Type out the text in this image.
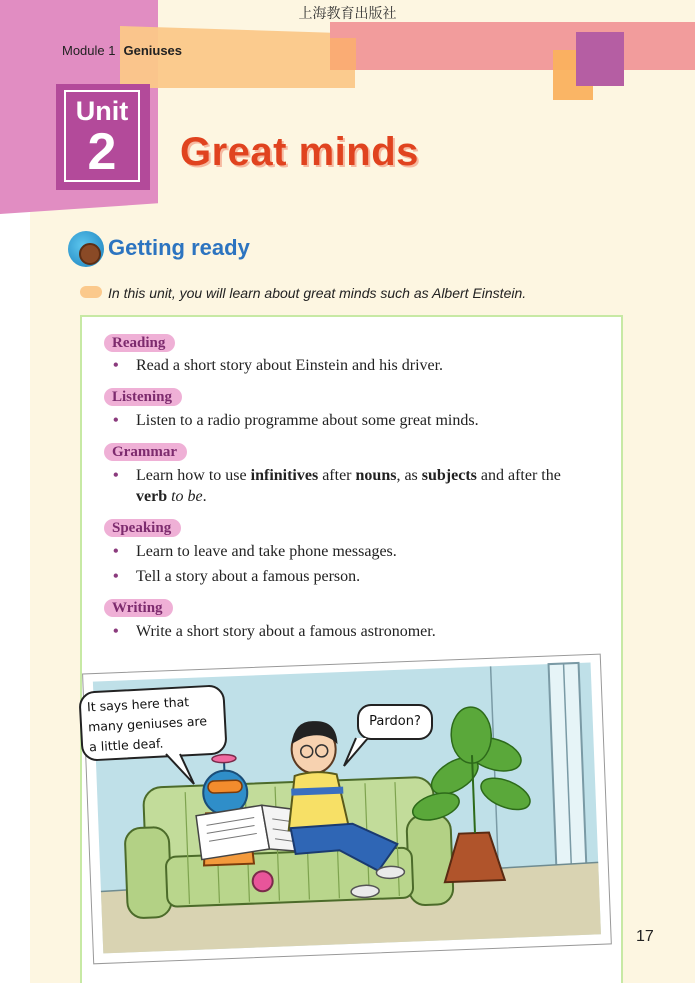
上海教育出版社
Module 1 Geniuses
Unit
2	Great minds
Getting ready
In this unit, you will learn about great minds such as Albert Einstein.
Reading
• Read a short story about Einstein and his driver.
Listening
• Listen to a radio programme about some great minds.
Grammar
• Learn how to use infinitives after nouns, as subjects and after the verb to be.
Speaking
• Learn to leave and take phone messages.
• Tell a story about a famous person.
Writing
• Write a short story about a famous astronomer.
It says here that
many geniuses are
a little deaf.
Pardon?
17
